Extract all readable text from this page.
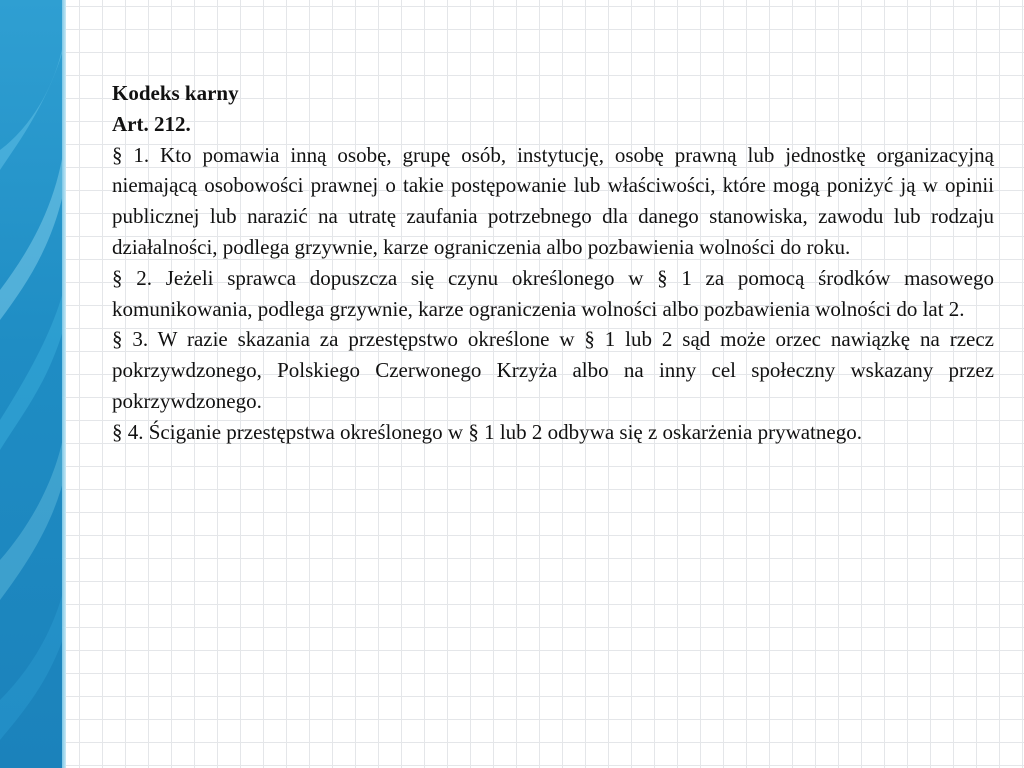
Kodeks karny

Art. 212.

§ 1. Kto pomawia inną osobę, grupę osób, instytucję, osobę prawną lub jednostkę organizacyjną niemającą osobowości prawnej o takie postępowanie lub właściwości, które mogą poniżyć ją w opinii publicznej lub narazić na utratę zaufania potrzebnego dla danego stanowiska, zawodu lub rodzaju działalności, podlega grzywnie, karze ograniczenia albo pozbawienia wolności do roku.

§ 2. Jeżeli sprawca dopuszcza się czynu określonego w § 1 za pomocą środków masowego komunikowania, podlega grzywnie, karze ograniczenia wolności albo pozbawienia wolności do lat 2.

§ 3. W razie skazania za przestępstwo określone w § 1 lub 2 sąd może orzec nawiązkę na rzecz pokrzywdzonego, Polskiego Czerwonego Krzyża albo na inny cel społeczny wskazany przez pokrzywdzonego.

§ 4. Ściganie przestępstwa określonego w § 1 lub 2 odbywa się z oskarżenia prywatnego.
